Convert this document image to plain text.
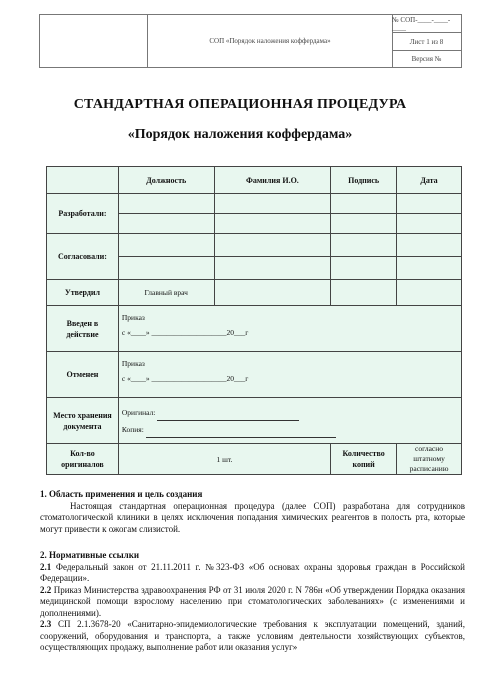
СОП «Порядок наложения коффердама»
№ СОП-____-____-____
Лист 1 из 8
Версия №
СТАНДАРТНАЯ ОПЕРАЦИОННАЯ ПРОЦЕДУРА
«Порядок наложения коффердама»
	Должность	Фамилия И.О.	Подпись	Дата
Разработали:				

Согласовали:				

Утвердил	Главный врач			
Введен в действие	Приказ
с «____» ____________________20___г			

Отменен	Приказ
с «____» ____________________20___г			

Место хранения документа	Оригинал:
Копия:			

Кол-во оригиналов	1 шт.		Количество копий	согласно штатному расписанию
1. Область применения и цель создания

Настоящая стандартная операционная процедура (далее СОП) разработана для сотрудников стоматологической клиники в целях исключения попадания химических реагентов в полость рта, которые могут привести к ожогам слизистой.

2. Нормативные ссылки

2.1 Федеральный закон от 21.11.2011 г. №323-ФЗ «Об основах охраны здоровья граждан в Российской Федерации».

2.2 Приказ Министерства здравоохранения РФ от 31 июля 2020 г. N 786н «Об утверждении Порядка оказания медицинской помощи взрослому населению при стоматологических заболеваниях» (с изменениями и дополнениями).

2.3 СП 2.1.3678-20 «Санитарно-эпидемиологические требования к эксплуатации помещений, зданий, сооружений, оборудования и транспорта, а также условиям деятельности хозяйствующих субъектов, осуществляющих продажу, выполнение работ или оказания услуг»
